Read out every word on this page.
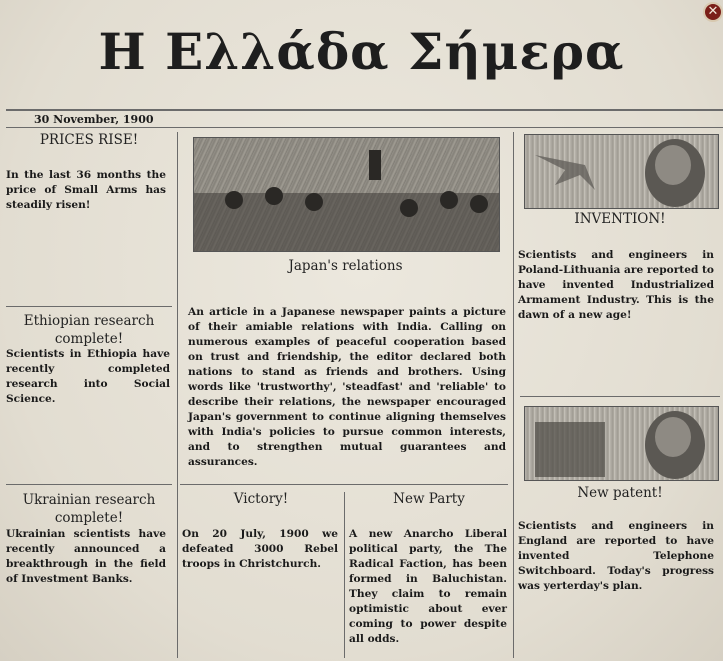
✕
Η Ελλάδα Σήμερα
30 November, 1900
PRICES RISE!
In the last 36 months the price of Small Arms has steadily risen!
Ethiopian research complete!
Scientists in Ethiopia have recently completed research into Social Science.
Ukrainian research complete!
Ukrainian scientists have recently announced a breakthrough in the field of Investment Banks.
Japan's relations
An article in a Japanese newspaper paints a picture of their amiable relations with India. Calling on numerous examples of peaceful cooperation based on trust and friendship, the editor declared both nations to stand as friends and brothers. Using words like 'trustworthy', 'steadfast' and 'reliable' to describe their relations, the newspaper encouraged Japan's government to continue aligning themselves with India's policies to pursue common interests, and to strengthen mutual guarantees and assurances.
Victory!
On 20 July, 1900 we defeated 3000 Rebel troops in Christchurch.
New Party
A new Anarcho Liberal political party, the The Radical Faction, has been formed in Baluchistan. They claim to remain optimistic about ever coming to power despite all odds.
INVENTION!
Scientists and engineers in Poland-Lithuania are reported to have invented Industrialized Armament Industry. This is the dawn of a new age!
New patent!
Scientists and engineers in England are reported to have invented Telephone Switchboard. Today's progress was yerterday's plan.
